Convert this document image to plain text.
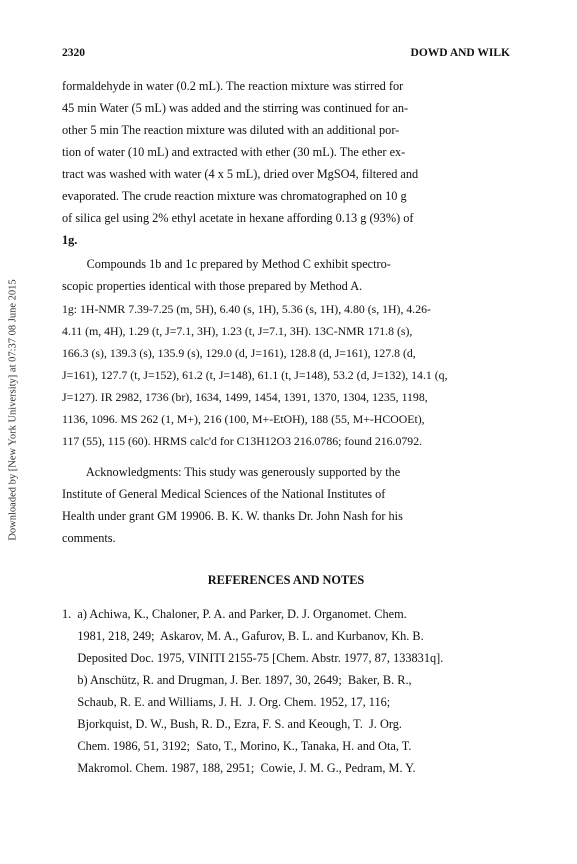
2320	DOWD AND WILK
Downloaded by [New York University] at 07:37 08 June 2015
formaldehyde in water (0.2 mL). The reaction mixture was stirred for
45 min Water (5 mL) was added and the stirring was continued for an-
other 5 min The reaction mixture was diluted with an additional por-
tion of water (10 mL) and extracted with ether (30 mL). The ether ex-
tract was washed with water (4 x 5 mL), dried over MgSO4, filtered and
evaporated. The crude reaction mixture was chromatographed on 10 g
of silica gel using 2% ethyl acetate in hexane affording 0.13 g (93%) of
1g.
Compounds 1b and 1c prepared by Method C exhibit spectro-
scopic properties identical with those prepared by Method A.
1g: 1H-NMR 7.39-7.25 (m, 5H), 6.40 (s, 1H), 5.36 (s, 1H), 4.80 (s, 1H), 4.26-
4.11 (m, 4H), 1.29 (t, J=7.1, 3H), 1.23 (t, J=7.1, 3H). 13C-NMR 171.8 (s),
166.3 (s), 139.3 (s), 135.9 (s), 129.0 (d, J=161), 128.8 (d, J=161), 127.8 (d,
J=161), 127.7 (t, J=152), 61.2 (t, J=148), 61.1 (t, J=148), 53.2 (d, J=132), 14.1 (q,
J=127). IR 2982, 1736 (br), 1634, 1499, 1454, 1391, 1370, 1304, 1235, 1198,
1136, 1096. MS 262 (1, M+), 216 (100, M+-EtOH), 188 (55, M+-HCOOEt),
117 (55), 115 (60). HRMS calc'd for C13H12O3 216.0786; found 216.0792.
Acknowledgments: This study was generously supported by the
Institute of General Medical Sciences of the National Institutes of
Health under grant GM 19906. B. K. W. thanks Dr. John Nash for his
comments.
REFERENCES AND NOTES
1.  a) Achiwa, K., Chaloner, P. A. and Parker, D. J. Organomet. Chem.
1981, 218, 249;  Askarov, M. A., Gafurov, B. L. and Kurbanov, Kh. B.
Deposited Doc. 1975, VINITI 2155-75 [Chem. Abstr. 1977, 87, 133831q].
b) Anschütz, R. and Drugman, J. Ber. 1897, 30, 2649;  Baker, B. R.,
Schaub, R. E. and Williams, J. H.  J. Org. Chem. 1952, 17, 116;
Bjorkquist, D. W., Bush, R. D., Ezra, F. S. and Keough, T.  J. Org.
Chem. 1986, 51, 3192;  Sato, T., Morino, K., Tanaka, H. and Ota, T.
Makromol. Chem. 1987, 188, 2951;  Cowie, J. M. G., Pedram, M. Y.
